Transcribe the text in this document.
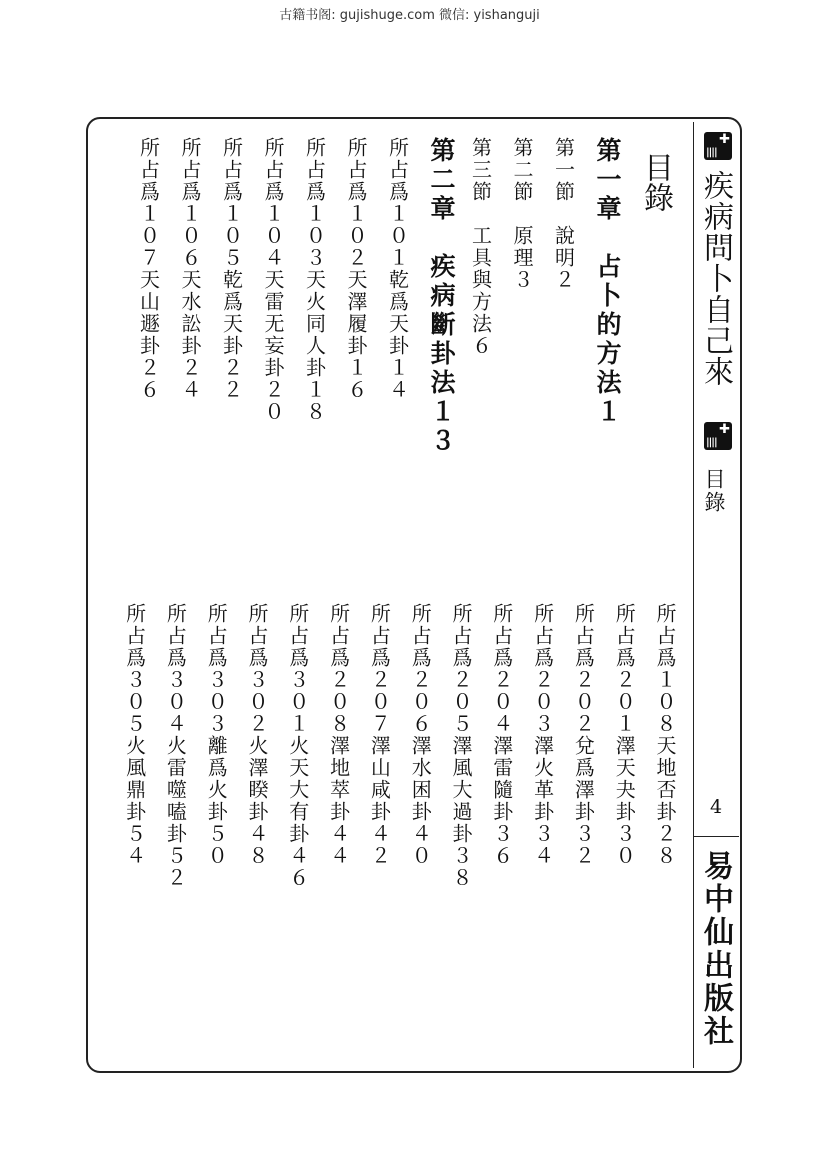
古籍书阁: gujishuge.com 微信: yishanguji
✚ ||||
疾病問卜自己來
✚ ||||
目錄
4
易中仙出版社
目錄
第一章　占卜的方法１
第一節　說明２
第二節　原理３
第三節　工具與方法６
第二章　疾病斷卦法１３
所占爲１０１乾爲天卦１４
所占爲１０２天澤履卦１６
所占爲１０３天火同人卦１８
所占爲１０４天雷无妄卦２０
所占爲１０５乾爲天卦２２
所占爲１０６天水訟卦２４
所占爲１０７天山遯卦２６
所占爲１０８天地否卦２８
所占爲２０１澤天夬卦３０
所占爲２０２兌爲澤卦３２
所占爲２０３澤火革卦３４
所占爲２０４澤雷隨卦３６
所占爲２０５澤風大過卦３８
所占爲２０６澤水困卦４０
所占爲２０７澤山咸卦４２
所占爲２０８澤地萃卦４４
所占爲３０１火天大有卦４６
所占爲３０２火澤睽卦４８
所占爲３０３離爲火卦５０
所占爲３０４火雷噬嗑卦５２
所占爲３０５火風鼎卦５４
